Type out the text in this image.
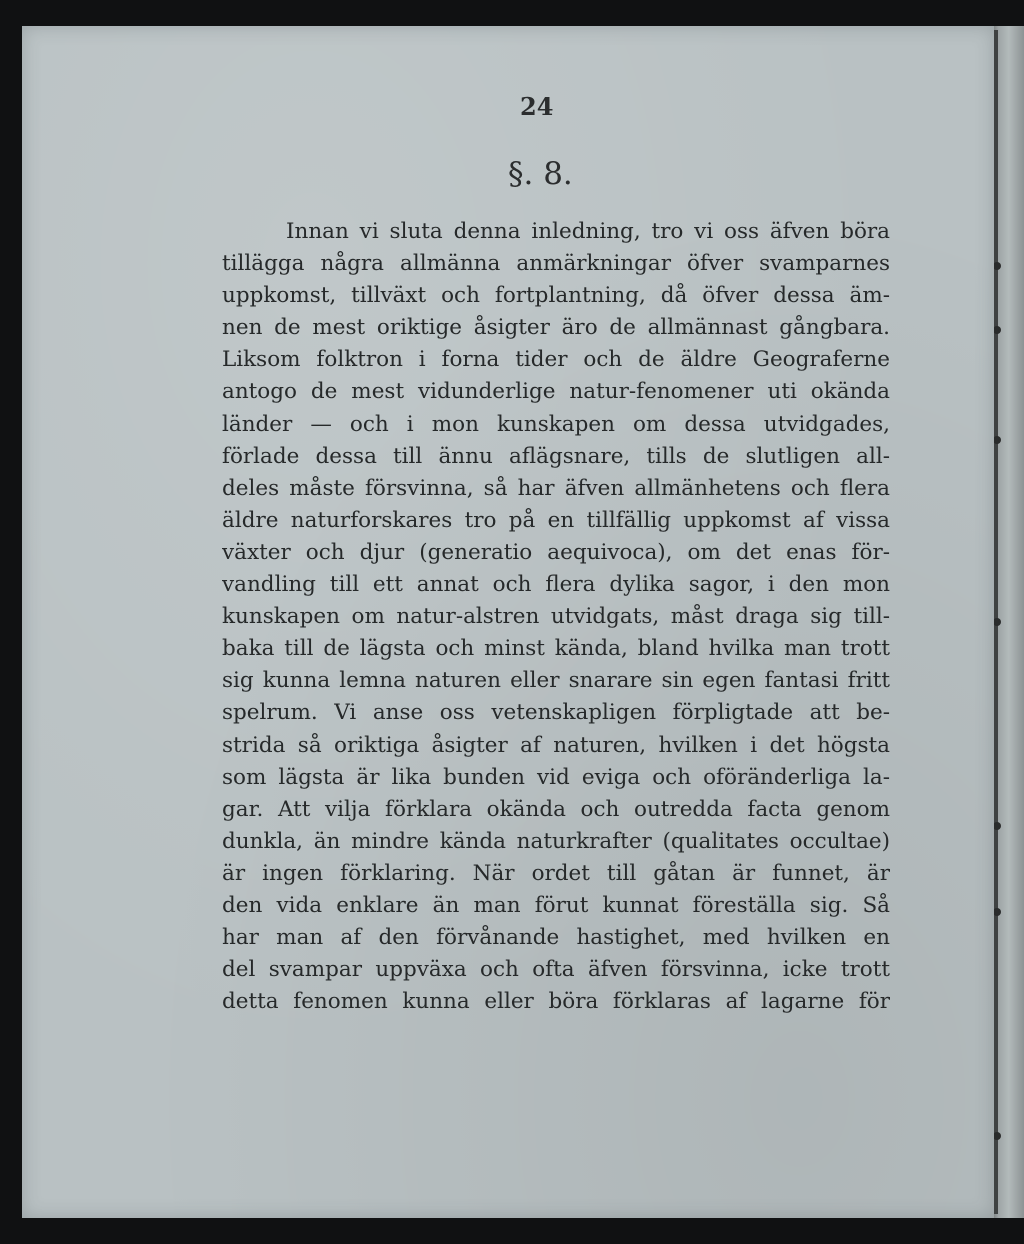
24
§. 8.
Innan vi sluta denna inledning, tro vi oss äfven böra
tillägga några allmänna anmärkningar öfver svamparnes
uppkomst, tillväxt och fortplantning, då öfver dessa äm-
nen de mest oriktige åsigter äro de allmännast gångbara.
Liksom folktron i forna tider och de äldre Geograferne
antogo de mest vidunderlige natur-fenomener uti okända
länder — och i mon kunskapen om dessa utvidgades,
förlade dessa till ännu aflägsnare, tills de slutligen all-
deles måste försvinna, så har äfven allmänhetens och flera
äldre naturforskares tro på en tillfällig uppkomst af vissa
växter och djur (generatio aequivoca), om det enas för-
vandling till ett annat och flera dylika sagor, i den mon
kunskapen om natur-alstren utvidgats, måst draga sig till-
baka till de lägsta och minst kända, bland hvilka man trott
sig kunna lemna naturen eller snarare sin egen fantasi fritt
spelrum. Vi anse oss vetenskapligen förpligtade att be-
strida så oriktiga åsigter af naturen, hvilken i det högsta
som lägsta är lika bunden vid eviga och oföränderliga la-
gar. Att vilja förklara okända och outredda facta genom
dunkla, än mindre kända naturkrafter (qualitates occultae)
är ingen förklaring. När ordet till gåtan är funnet, är
den vida enklare än man förut kunnat föreställa sig. Så
har man af den förvånande hastighet, med hvilken en
del svampar uppväxa och ofta äfven försvinna, icke trott
detta fenomen kunna eller böra förklaras af lagarne för
